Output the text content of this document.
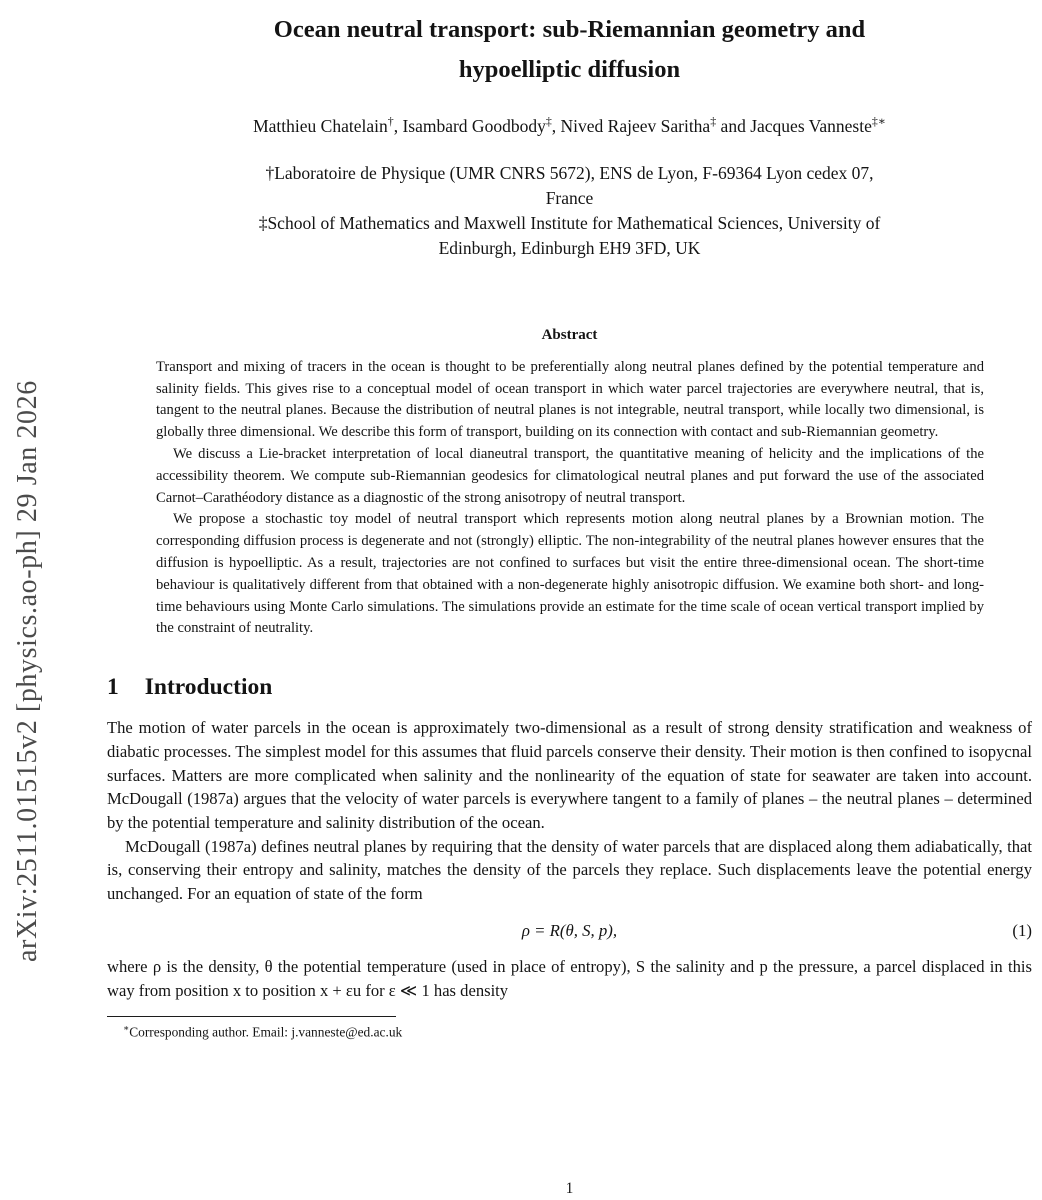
arXiv:2511.01515v2 [physics.ao-ph] 29 Jan 2026
Ocean neutral transport: sub-Riemannian geometry and
hypoelliptic diffusion
Matthieu Chatelain†, Isambard Goodbody‡, Nived Rajeev Saritha‡ and Jacques Vanneste‡∗
†Laboratoire de Physique (UMR CNRS 5672), ENS de Lyon, F-69364 Lyon cedex 07,
France
‡School of Mathematics and Maxwell Institute for Mathematical Sciences, University of
Edinburgh, Edinburgh EH9 3FD, UK
Abstract

Transport and mixing of tracers in the ocean is thought to be preferentially along neutral planes defined by the potential temperature and salinity fields. This gives rise to a conceptual model of ocean transport in which water parcel trajectories are everywhere neutral, that is, tangent to the neutral planes. Because the distribution of neutral planes is not integrable, neutral transport, while locally two dimensional, is globally three dimensional. We describe this form of transport, building on its connection with contact and sub-Riemannian geometry.

We discuss a Lie-bracket interpretation of local dianeutral transport, the quantitative meaning of helicity and the implications of the accessibility theorem. We compute sub-Riemannian geodesics for climatological neutral planes and put forward the use of the associated Carnot–Carathéodory distance as a diagnostic of the strong anisotropy of neutral transport.

We propose a stochastic toy model of neutral transport which represents motion along neutral planes by a Brownian motion. The corresponding diffusion process is degenerate and not (strongly) elliptic. The non-integrability of the neutral planes however ensures that the diffusion is hypoelliptic. As a result, trajectories are not confined to surfaces but visit the entire three-dimensional ocean. The short-time behaviour is qualitatively different from that obtained with a non-degenerate highly anisotropic diffusion. We examine both short- and long-time behaviours using Monte Carlo simulations. The simulations provide an estimate for the time scale of ocean vertical transport implied by the constraint of neutrality.

1 Introduction

The motion of water parcels in the ocean is approximately two-dimensional as a result of strong density stratification and weakness of diabatic processes. The simplest model for this assumes that fluid parcels conserve their density. Their motion is then confined to isopycnal surfaces. Matters are more complicated when salinity and the nonlinearity of the equation of state for seawater are taken into account. McDougall (1987a) argues that the velocity of water parcels is everywhere tangent to a family of planes – the neutral planes – determined by the potential temperature and salinity distribution of the ocean.

McDougall (1987a) defines neutral planes by requiring that the density of water parcels that are displaced along them adiabatically, that is, conserving their entropy and salinity, matches the density of the parcels they replace. Such displacements leave the potential energy unchanged. For an equation of state of the form

ρ = R(θ, S, p),	(1)

where ρ is the density, θ the potential temperature (used in place of entropy), S the salinity and p the pressure, a parcel displaced in this way from position x to position x + εu for ε ≪ 1 has density

∗Corresponding author. Email: j.vanneste@ed.ac.uk
1
